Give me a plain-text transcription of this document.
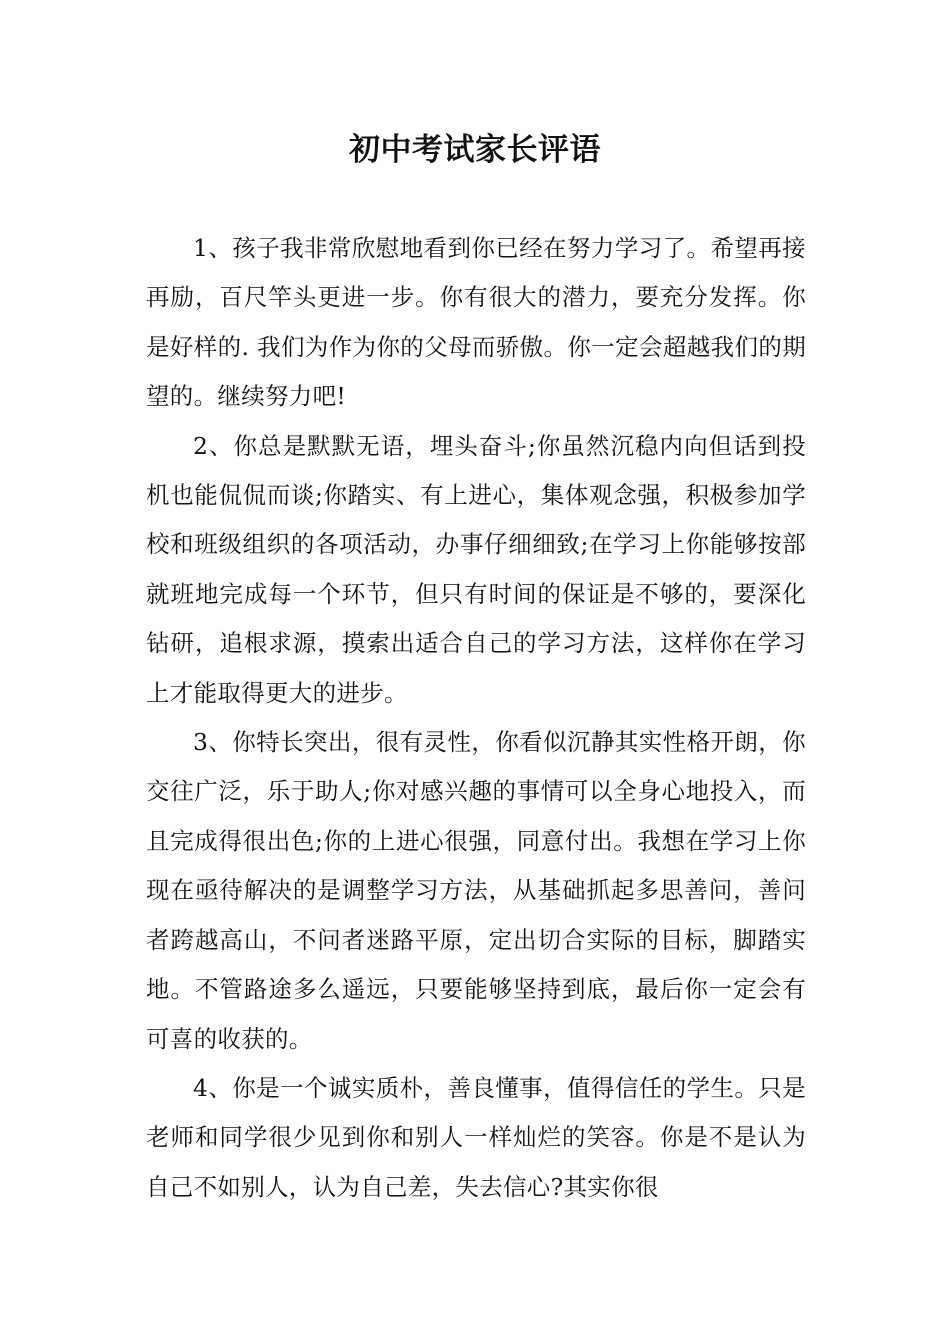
初中考试家长评语

1、孩子我非常欣慰地看到你已经在努力学习了。希望再接再励，百尺竿头更进一步。你有很大的潜力，要充分发挥。你是好样的. 我们为作为你的父母而骄傲。你一定会超越我们的期望的。继续努力吧!

2、你总是默默无语，埋头奋斗;你虽然沉稳内向但话到投机也能侃侃而谈;你踏实、有上进心，集体观念强，积极参加学校和班级组织的各项活动，办事仔细细致;在学习上你能够按部就班地完成每一个环节，但只有时间的保证是不够的，要深化钻研，追根求源，摸索出适合自己的学习方法，这样你在学习上才能取得更大的进步。

3、你特长突出，很有灵性，你看似沉静其实性格开朗，你交往广泛，乐于助人;你对感兴趣的事情可以全身心地投入，而且完成得很出色;你的上进心很强，同意付出。我想在学习上你现在亟待解决的是调整学习方法，从基础抓起多思善问，善问者跨越高山，不问者迷路平原，定出切合实际的目标，脚踏实地。不管路途多么遥远，只要能够坚持到底，最后你一定会有可喜的收获的。

4、你是一个诚实质朴，善良懂事，值得信任的学生。只是老师和同学很少见到你和别人一样灿烂的笑容。你是不是认为自己不如别人，认为自己差，失去信心?其实你很
